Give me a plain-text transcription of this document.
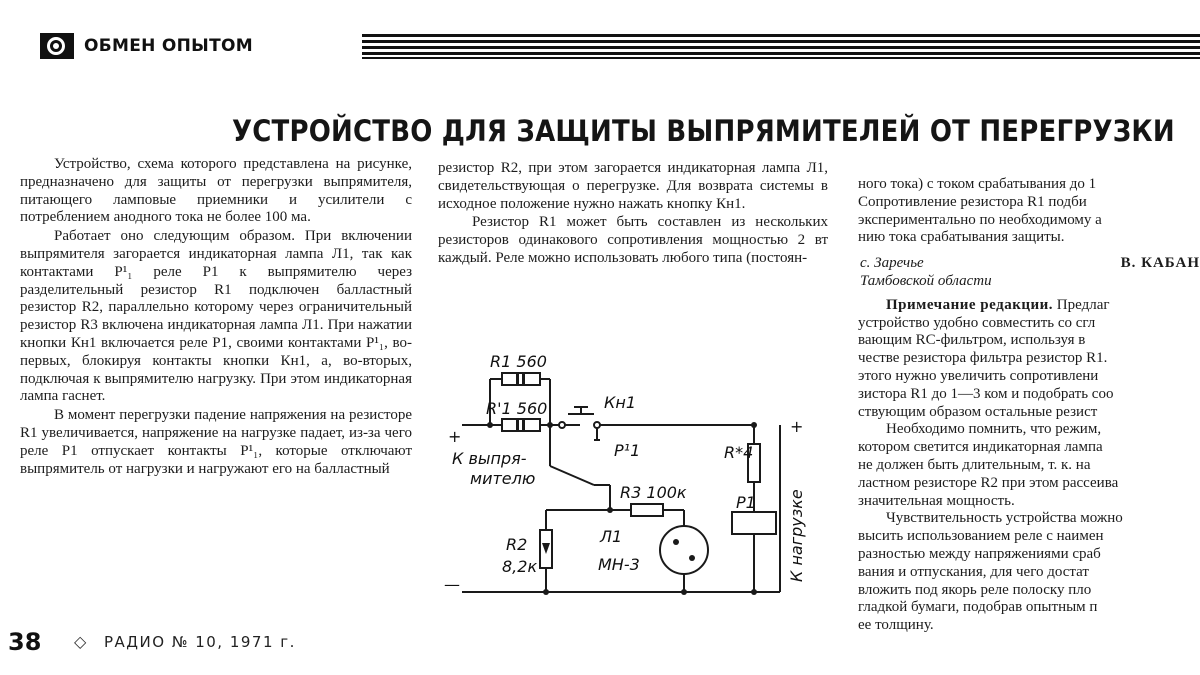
ОБМЕН ОПЫТОМ
УСТРОЙСТВО ДЛЯ ЗАЩИТЫ ВЫПРЯМИТЕЛЕЙ ОТ ПЕРЕГРУЗКИ

Устройство, схема которого представлена на рисунке, предназначено для защиты от перегрузки выпрямителя, питающего ламповые приемники и усилители с потреблением анодного тока не более 100 ма.

Работает оно следующим образом. При включении выпрямителя загорается индикаторная лампа Л1, так как контактами P¹₁ реле Р1 к выпрямителю через разделительный резистор R1 подключен балластный резистор R2, параллельно которому через ограничительный резистор R3 включена индикаторная лампа Л1. При нажатии кнопки Кн1 включается реле Р1, своими контактами P¹₁, во-первых, блокируя контакты кнопки Кн1, а, во-вторых, подключая к выпрямителю нагрузку. При этом индикаторная лампа гаснет.

В момент перегрузки падение напряжения на резисторе R1 увеличивается, напряжение на нагрузке падает, из-за чего реле Р1 отпускает контакты P¹₁, которые отключают выпрямитель от нагрузки и нагружают его на балластный

резистор R2, при этом загорается индикаторная лампа Л1, свидетельствующая о перегрузке. Для возврата системы в исходное положение нужно нажать кнопку Кн1.

Резистор R1 может быть составлен из нескольких резисторов одинакового сопротивления мощностью 2 вт каждый. Реле можно использовать любого типа (постоян-

R1 560
R'1 560	Кн1
P¹1
R3 100к
R2
8,2к
Л1
МН-3
R*4
P1
+
—
К выпря-
мителю
К нагрузке
+
ного тока) с током срабатывания до 1
Сопротивление резистора R1 подби
экспериментально по необходимому а
нию тока срабатывания защиты.
с. Заречье	В. КАБАН
Тамбовской области
Примечание редакции. Предлаг
устройство удобно совместить со сгл
вающим RC-фильтром, используя в
честве резистора фильтра резистор R1.
этого нужно увеличить сопротивлени
зистора R1 до 1—3 ком и подобрать соо
ствующим образом остальные резист
Необходимо помнить, что режим,
котором светится индикаторная лампа
не должен быть длительным, т. к. на
ластном резисторе R2 при этом рассеива
значительная мощность.
Чувствительность устройства можно
высить использованием реле с наимен
разностью между напряжениями сраб
вания и отпускания, для чего достат
вложить под якорь реле полоску пло
гладкой бумаги, подобрав опытным п
ее толщину.
38 ◇ РАДИО № 10, 1971 г.
